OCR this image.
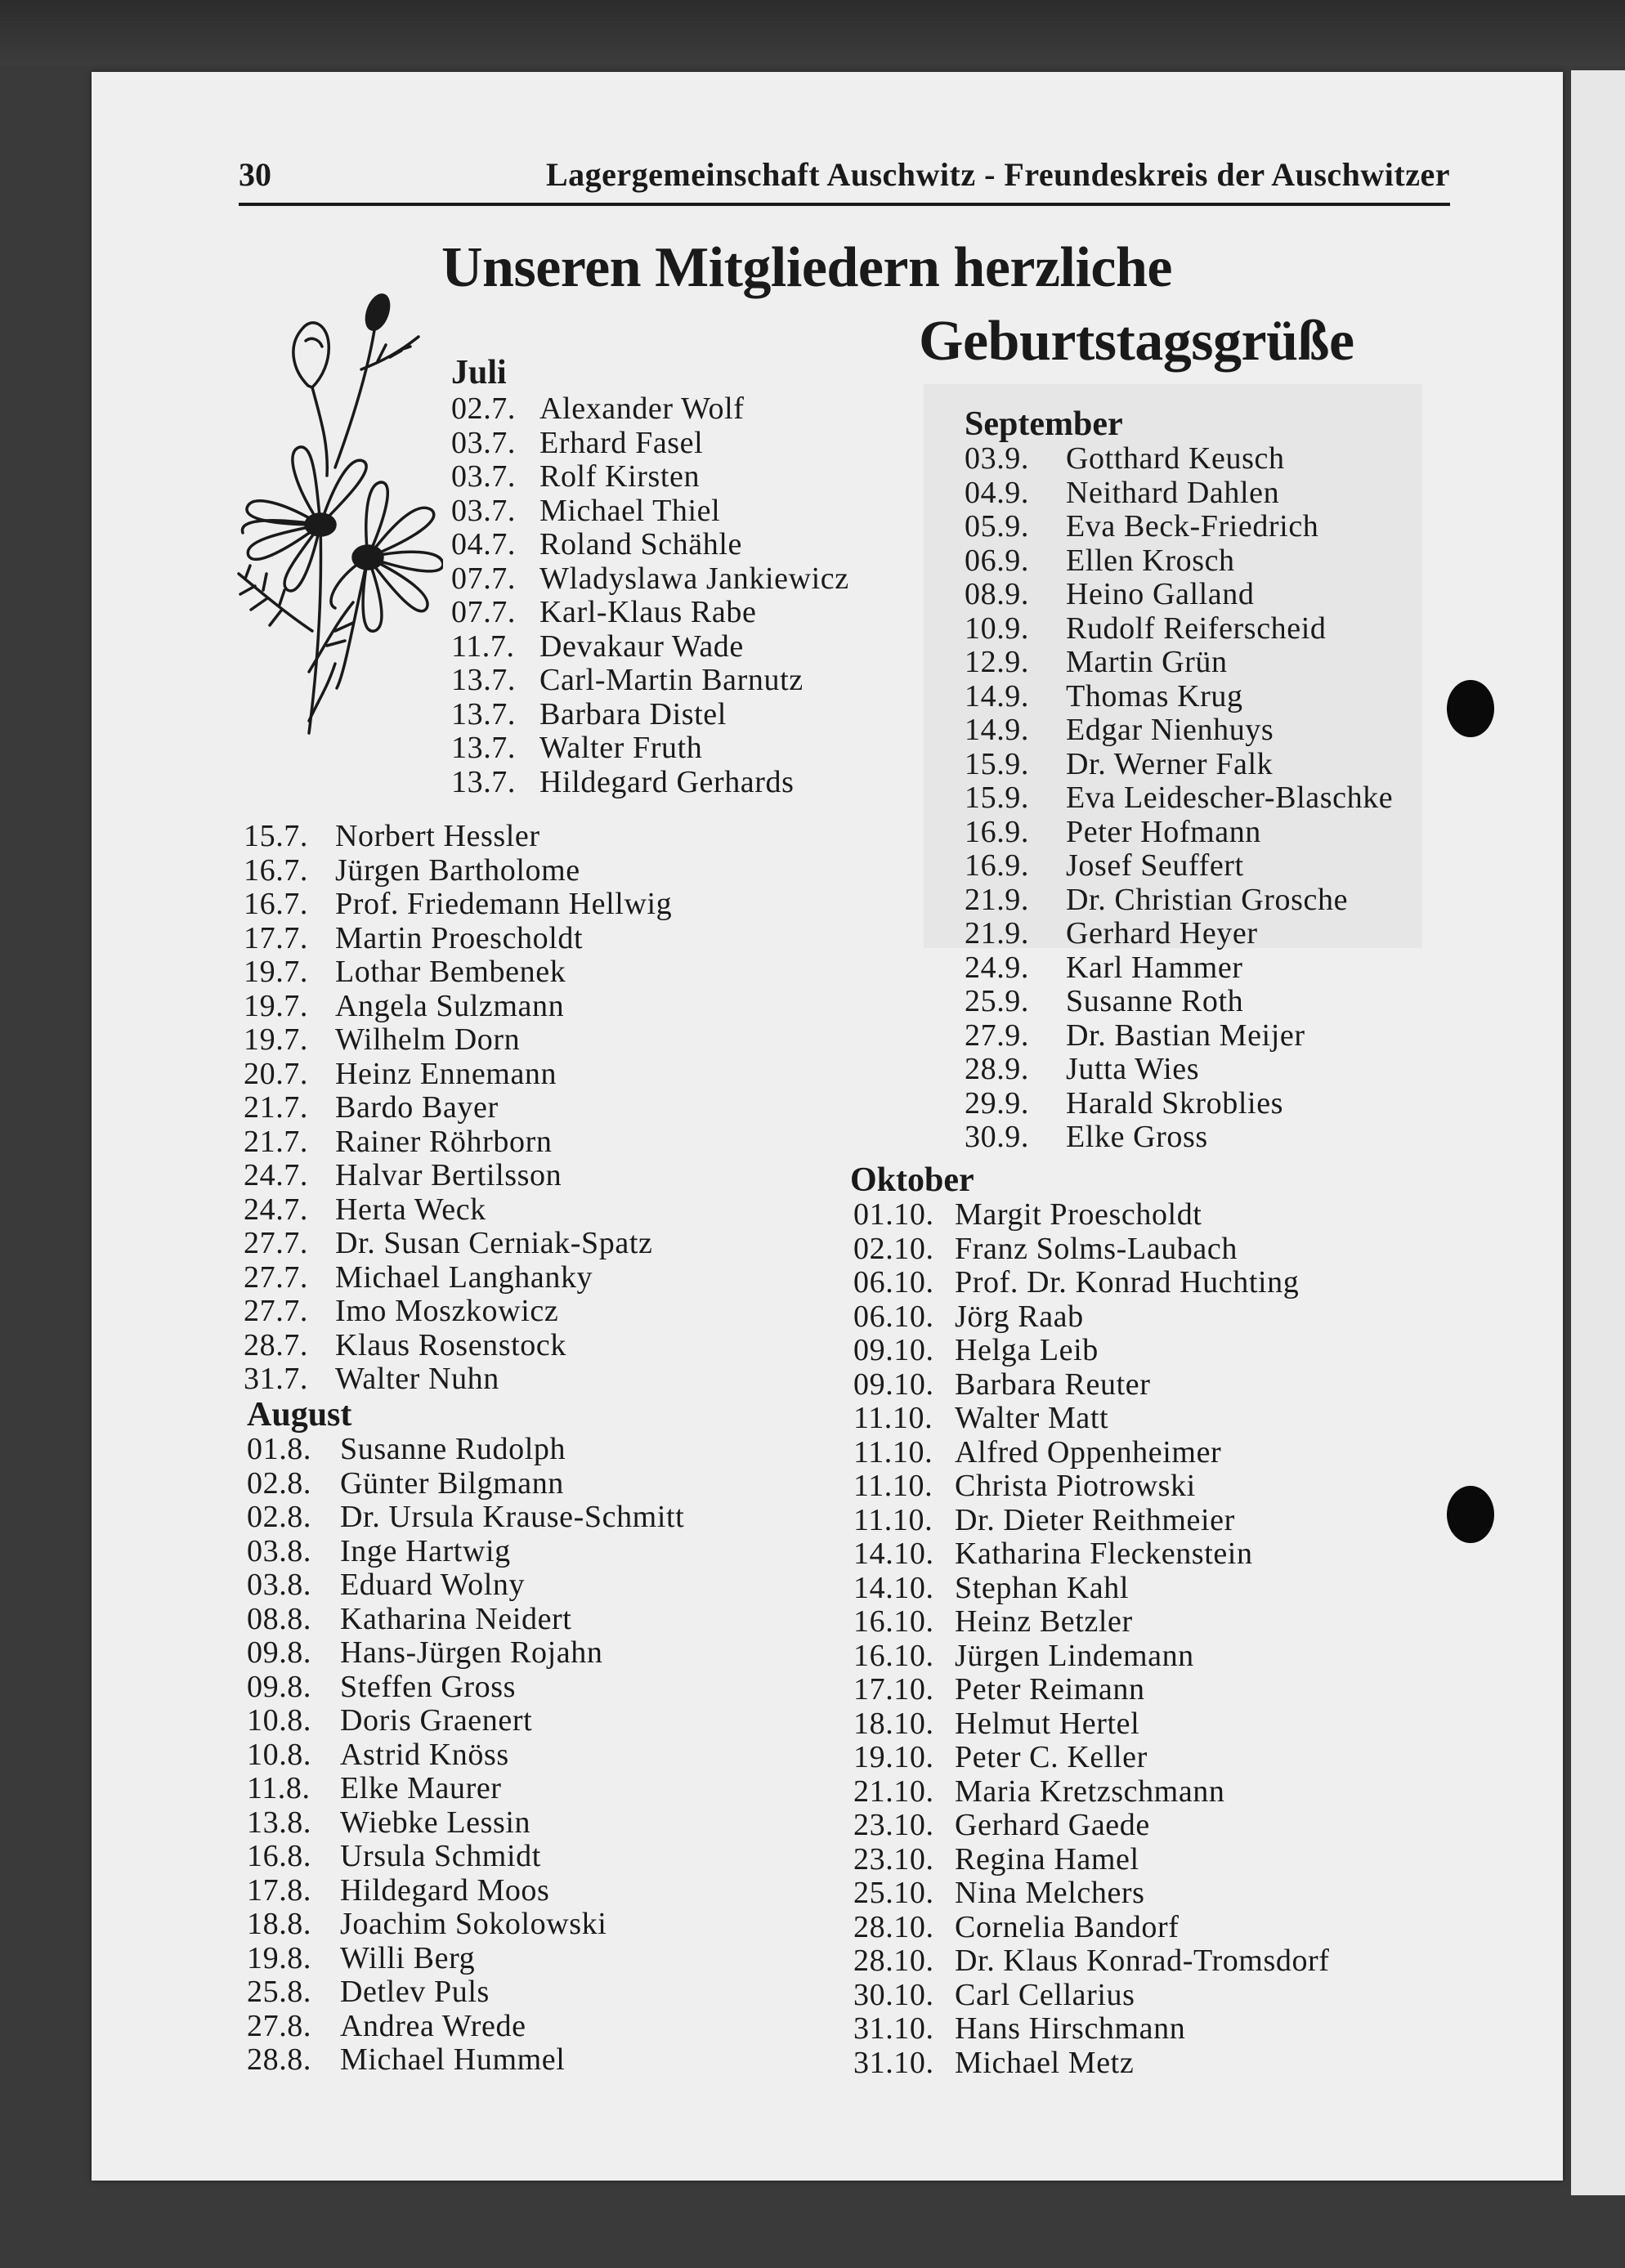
30	Lagergemeinschaft Auschwitz - Freundeskreis der Auschwitzer
Unseren Mitgliedern herzliche
Geburtstagsgrüße
Juli
02.7. Alexander Wolf
03.7. Erhard Fasel
03.7. Rolf Kirsten
03.7. Michael Thiel
04.7. Roland Schähle
07.7. Wladyslawa Jankiewicz
07.7. Karl-Klaus Rabe
11.7. Devakaur Wade
13.7. Carl-Martin Barnutz
13.7. Barbara Distel
13.7. Walter Fruth
13.7. Hildegard Gerhards
15.7. Norbert Hessler
16.7. Jürgen Bartholome
16.7. Prof. Friedemann Hellwig
17.7. Martin Proescholdt
19.7. Lothar Bembenek
19.7. Angela Sulzmann
19.7. Wilhelm Dorn
20.7. Heinz Ennemann
21.7. Bardo Bayer
21.7. Rainer Röhrborn
24.7. Halvar Bertilsson
24.7. Herta Weck
27.7. Dr. Susan Cerniak-Spatz
27.7. Michael Langhanky
27.7. Imo Moszkowicz
28.7. Klaus Rosenstock
31.7. Walter Nuhn
August
01.8. Susanne Rudolph
02.8. Günter Bilgmann
02.8. Dr. Ursula Krause-Schmitt
03.8. Inge Hartwig
03.8. Eduard Wolny
08.8. Katharina Neidert
09.8. Hans-Jürgen Rojahn
09.8. Steffen Gross
10.8. Doris Graenert
10.8. Astrid Knöss
11.8. Elke Maurer
13.8. Wiebke Lessin
16.8. Ursula Schmidt
17.8. Hildegard Moos
18.8. Joachim Sokolowski
19.8. Willi Berg
25.8. Detlev Puls
27.8. Andrea Wrede
28.8. Michael Hummel
September
03.9. Gotthard Keusch
04.9. Neithard Dahlen
05.9. Eva Beck-Friedrich
06.9. Ellen Krosch
08.9. Heino Galland
10.9. Rudolf Reiferscheid
12.9. Martin Grün
14.9. Thomas Krug
14.9. Edgar Nienhuys
15.9. Dr. Werner Falk
15.9. Eva Leidescher-Blaschke
16.9. Peter Hofmann
16.9. Josef Seuffert
21.9. Dr. Christian Grosche
21.9. Gerhard Heyer
24.9. Karl Hammer
25.9. Susanne Roth
27.9. Dr. Bastian Meijer
28.9. Jutta Wies
29.9. Harald Skroblies
30.9. Elke Gross
Oktober
01.10. Margit Proescholdt
02.10. Franz Solms-Laubach
06.10. Prof. Dr. Konrad Huchting
06.10. Jörg Raab
09.10. Helga Leib
09.10. Barbara Reuter
11.10. Walter Matt
11.10. Alfred Oppenheimer
11.10. Christa Piotrowski
11.10. Dr. Dieter Reithmeier
14.10. Katharina Fleckenstein
14.10. Stephan Kahl
16.10. Heinz Betzler
16.10. Jürgen Lindemann
17.10. Peter Reimann
18.10. Helmut Hertel
19.10. Peter C. Keller
21.10. Maria Kretzschmann
23.10. Gerhard Gaede
23.10. Regina Hamel
25.10. Nina Melchers
28.10. Cornelia Bandorf
28.10. Dr. Klaus Konrad-Tromsdorf
30.10. Carl Cellarius
31.10. Hans Hirschmann
31.10. Michael Metz
